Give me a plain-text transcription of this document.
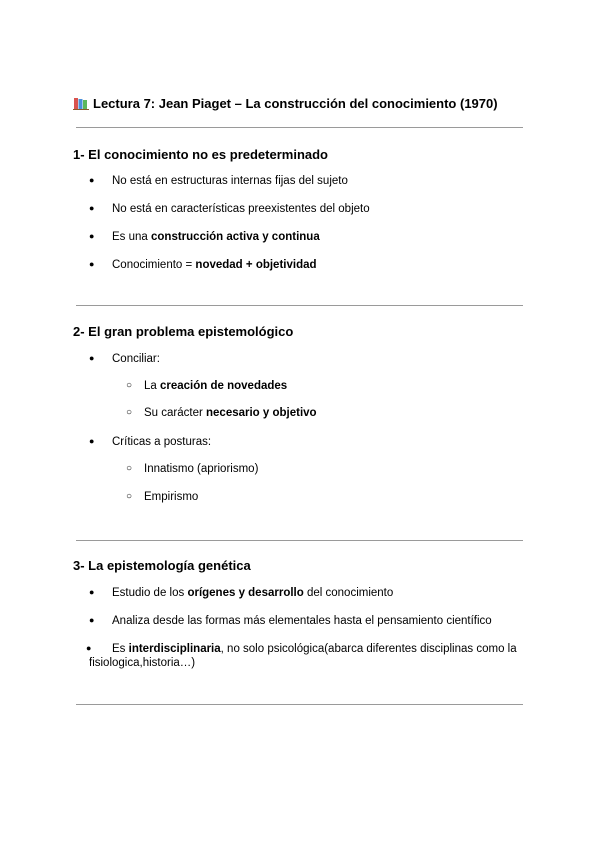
Lectura 7: Jean Piaget – La construcción del conocimiento (1970)
1- El conocimiento no es predeterminado
● No está en estructuras internas fijas del sujeto
● No está en características preexistentes del objeto
● Es una construcción activa y continua
● Conocimiento = novedad + objetividad
2- El gran problema epistemológico
● Conciliar:
○ La creación de novedades
○ Su carácter necesario y objetivo
● Críticas a posturas:
○ Innatismo (apriorismo)
○ Empirismo
3- La epistemología genética
● Estudio de los orígenes y desarrollo del conocimiento
● Analiza desde las formas más elementales hasta el pensamiento científico
● Es interdisciplinaria, no solo psicológica(abarca diferentes disciplinas como la fisiologica,historia…)
